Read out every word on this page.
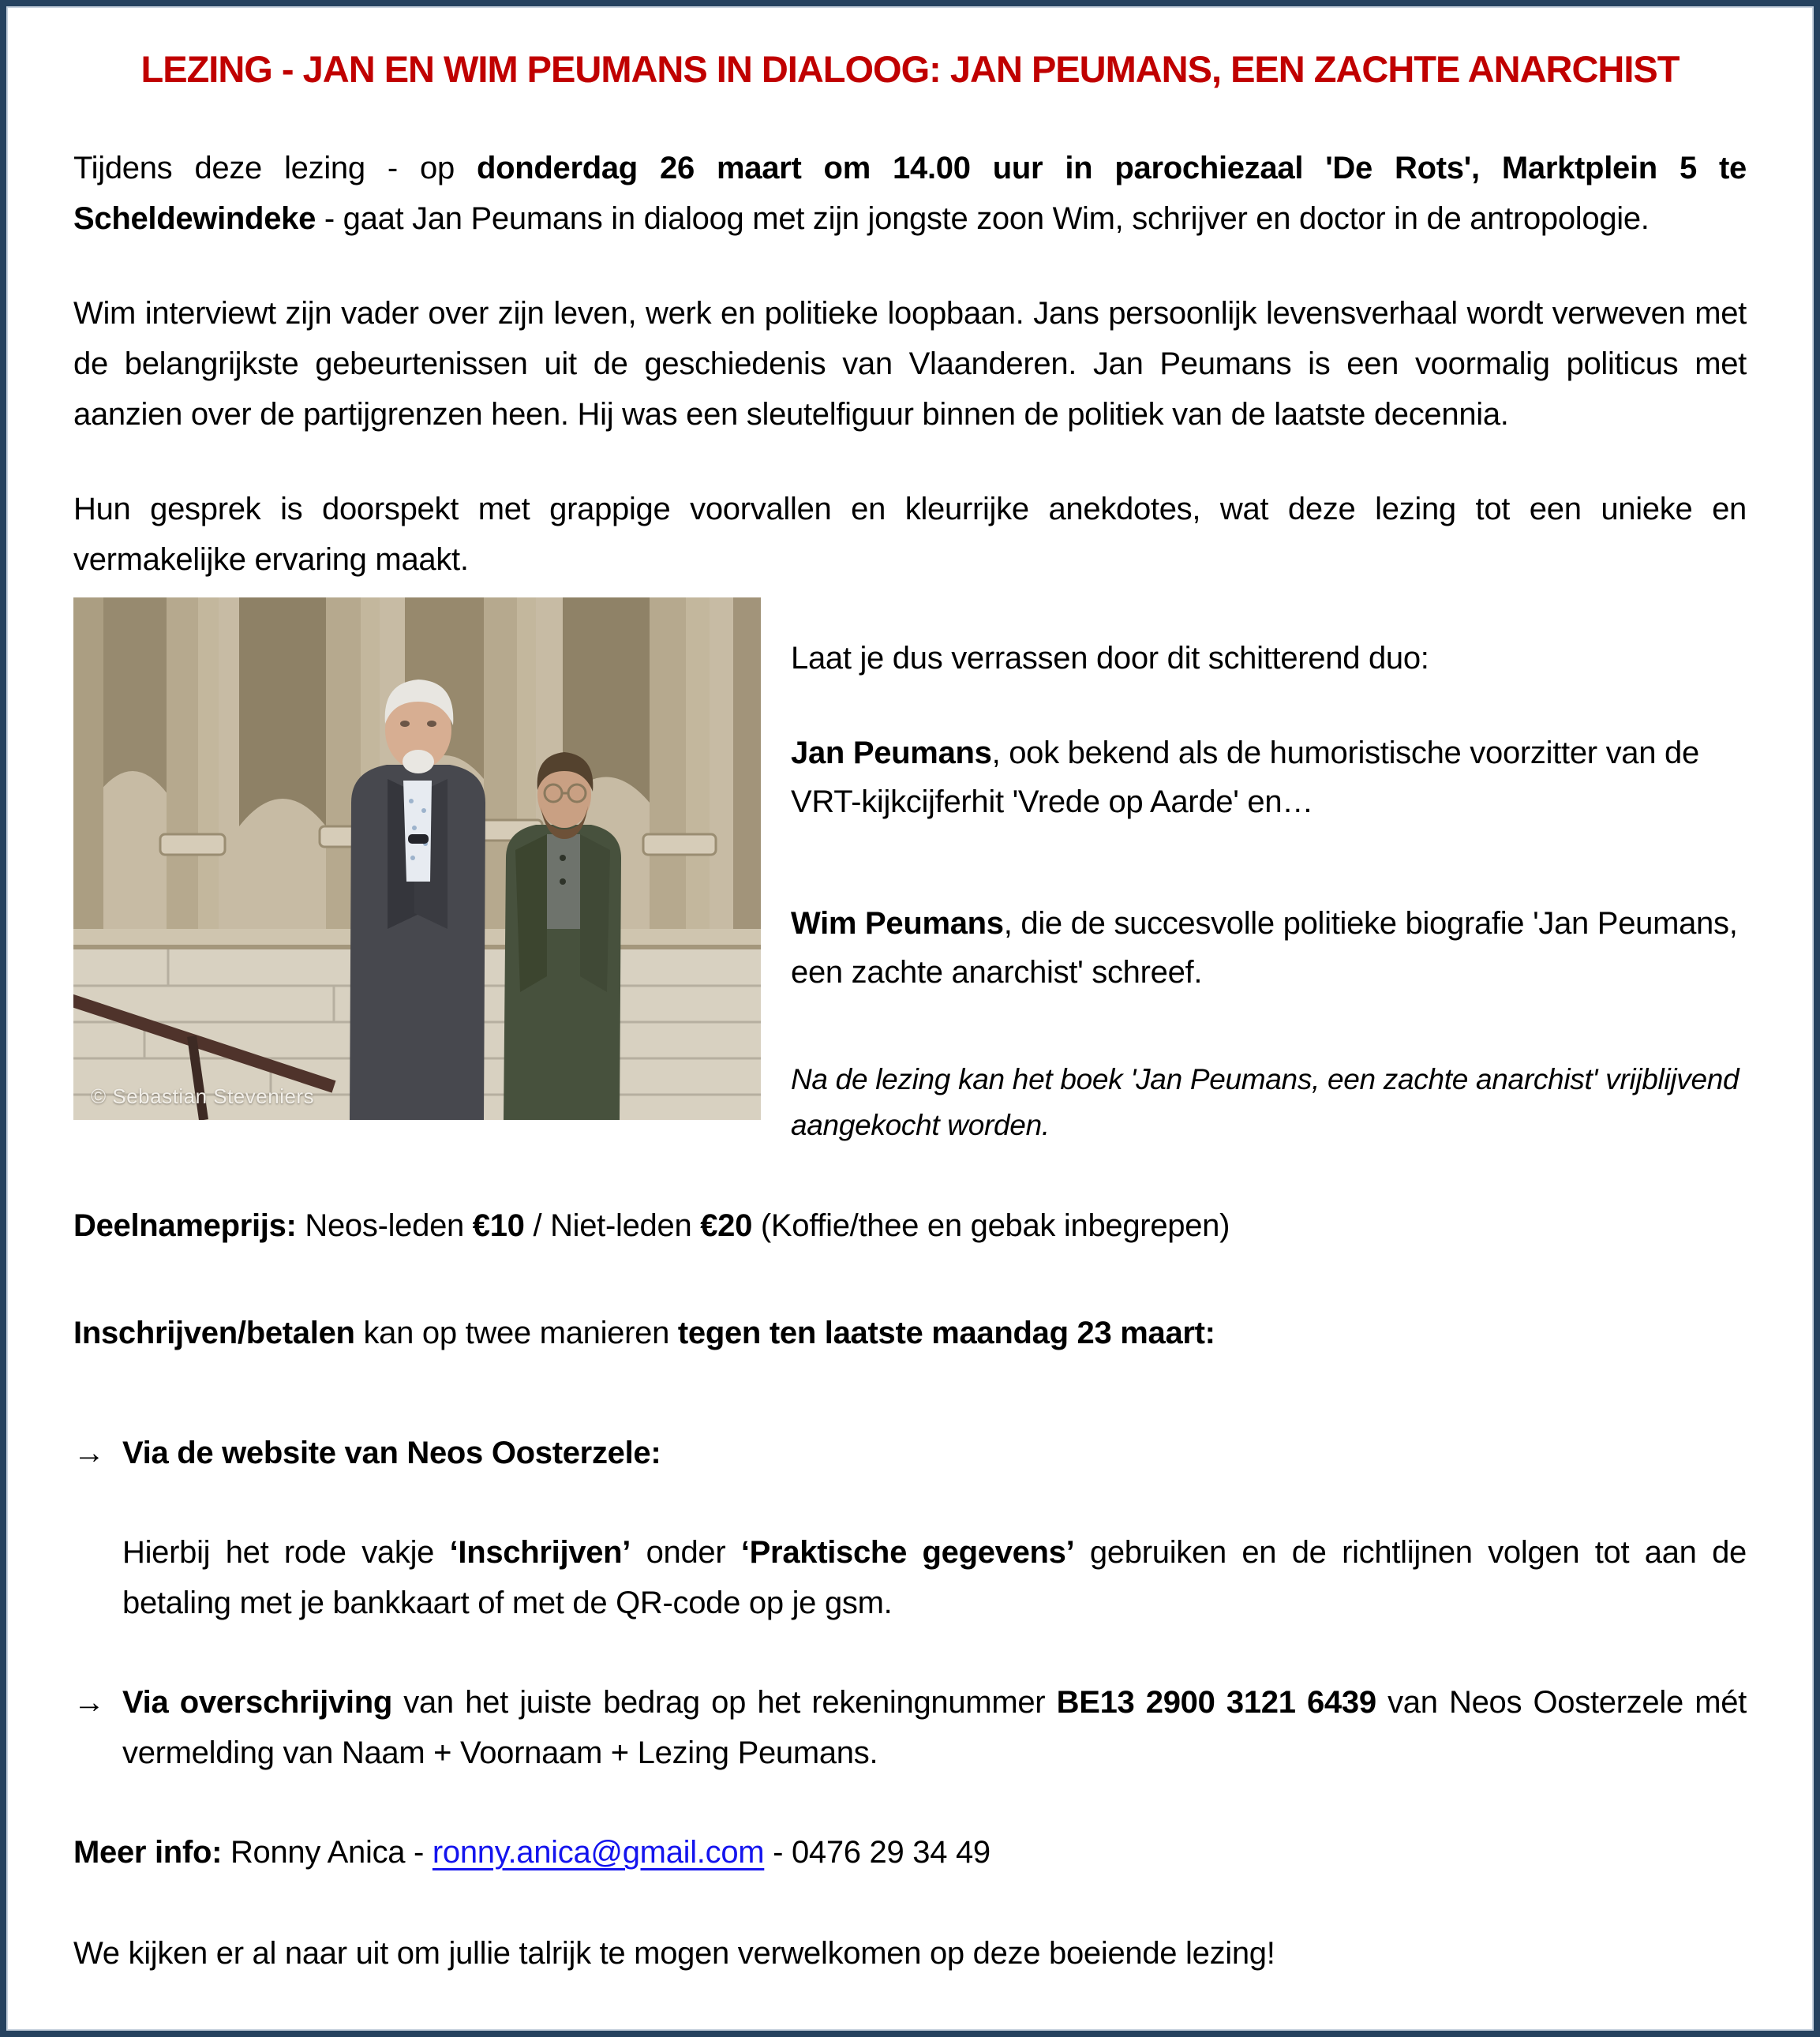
LEZING - JAN EN WIM PEUMANS IN DIALOOG: JAN PEUMANS, EEN ZACHTE ANARCHIST

Tijdens deze lezing - op donderdag 26 maart om 14.00 uur in parochiezaal 'De Rots', Marktplein 5 te Scheldewindeke - gaat Jan Peumans in dialoog met zijn jongste zoon Wim, schrijver en doctor in de antropologie.

Wim interviewt zijn vader over zijn leven, werk en politieke loopbaan. Jans persoonlijk levensverhaal wordt verweven met de belangrijkste gebeurtenissen uit de geschiedenis van Vlaanderen. Jan Peumans is een voormalig politicus met aanzien over de partijgrenzen heen. Hij was een sleutelfiguur binnen de politiek van de laatste decennia.

Hun gesprek is doorspekt met grappige voorvallen en kleurrijke anekdotes, wat deze lezing tot een unieke en vermakelijke ervaring maakt.

© Sebastian Steveniers

Laat je dus verrassen door dit schitterend duo:

Jan Peumans, ook bekend als de humoristische voorzitter van de VRT-kijkcijferhit 'Vrede op Aarde' en…

Wim Peumans, die de succesvolle politieke biografie 'Jan Peumans, een zachte anarchist' schreef.

Na de lezing kan het boek 'Jan Peumans, een zachte anarchist' vrijblijvend aangekocht worden.

Deelnameprijs: Neos-leden €10 / Niet-leden €20 (Koffie/thee en gebak inbegrepen)

Inschrijven/betalen kan op twee manieren tegen ten laatste maandag 23 maart:

→ Via de website van Neos Oosterzele:

Hierbij het rode vakje ‘Inschrijven’ onder ‘Praktische gegevens’ gebruiken en de richtlijnen volgen tot aan de betaling met je bankkaart of met de QR-code op je gsm.

→ Via overschrijving van het juiste bedrag op het rekeningnummer BE13 2900 3121 6439 van Neos Oosterzele mét vermelding van Naam + Voornaam + Lezing Peumans.

Meer info: Ronny Anica - ronny.anica@gmail.com - 0476 29 34 49

We kijken er al naar uit om jullie talrijk te mogen verwelkomen op deze boeiende lezing!
